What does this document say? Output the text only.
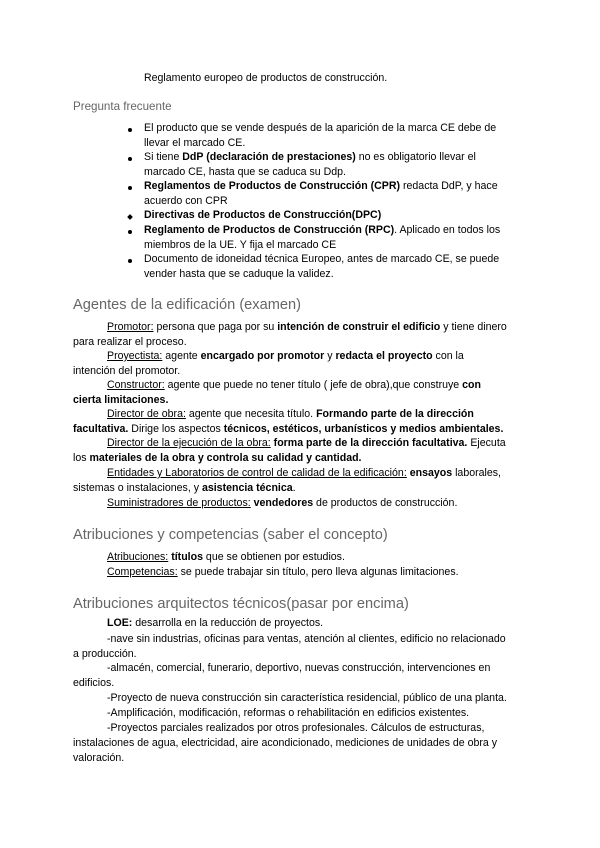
Reglamento europeo de productos de construcción.
Pregunta frecuente
El producto que se vende después de la aparición de la marca CE debe de
llevar el marcado CE.
Si tiene DdP (declaración de prestaciones) no es obligatorio llevar el
marcado CE, hasta que se caduca su Ddp.
Reglamentos de Productos de Construcción (CPR) redacta DdP, y hace
acuerdo con CPR
Directivas de Productos de Construcción(DPC)
Reglamento de Productos de Construcción (RPC). Aplicado en todos los
miembros de la UE. Y fija el marcado CE
Documento de idoneidad técnica Europeo, antes de marcado CE, se puede
vender hasta que se caduque la validez.
Agentes de la edificación (examen)
Promotor: persona que paga por su intención de construir el edificio y tiene dinero
para realizar el proceso.
Proyectista: agente encargado por promotor y redacta el proyecto con la
intención del promotor.
Constructor: agente que puede no tener título ( jefe de obra),que construye con
cierta limitaciones.
Director de obra: agente que necesita título. Formando parte de la dirección
facultativa. Dirige los aspectos técnicos, estéticos, urbanísticos y medios ambientales.
Director de la ejecución de la obra: forma parte de la dirección facultativa. Ejecuta
los materiales de la obra y controla su calidad y cantidad.
Entidades y Laboratorios de control de calidad de la edificación: ensayos laborales,
sistemas o instalaciones, y asistencia técnica.
Suministradores de productos: vendedores de productos de construcción.
Atribuciones y competencias (saber el concepto)
Atribuciones: títulos que se obtienen por estudios.
Competencias: se puede trabajar sin título, pero lleva algunas limitaciones.
Atribuciones arquitectos técnicos(pasar por encima)
LOE: desarrolla en la reducción de proyectos.
-nave sin industrias, oficinas para ventas, atención al clientes, edificio no relacionado
a producción.
-almacén, comercial, funerario, deportivo, nuevas construcción, intervenciones en
edificios.
-Proyecto de nueva construcción sin característica residencial, público de una planta.
-Amplificación, modificación, reformas o rehabilitación en edificios existentes.
-Proyectos parciales realizados por otros profesionales. Cálculos de estructuras,
instalaciones de agua, electricidad, aire acondicionado, mediciones de unidades de obra y
valoración.
